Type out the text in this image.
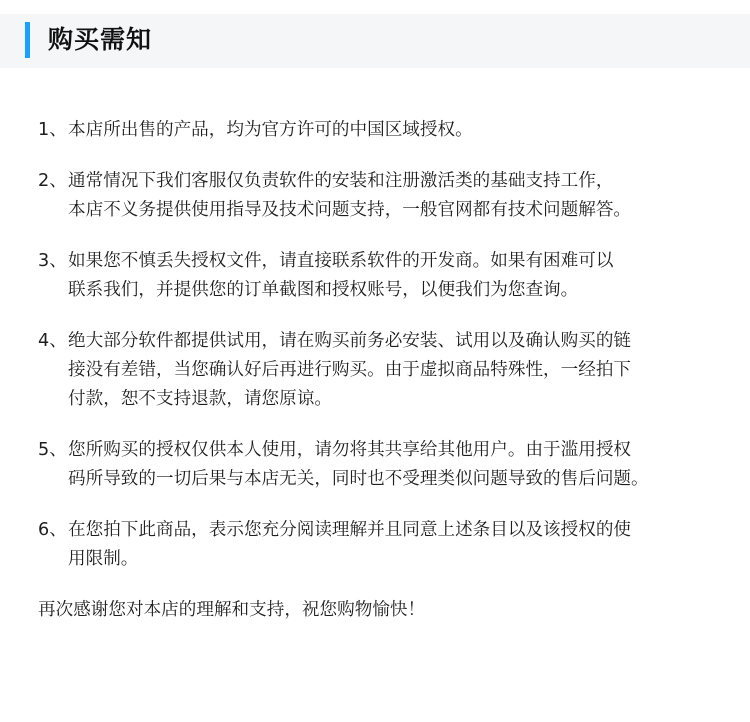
购买需知
1、 本店所出售的产品，均为官方许可的中国区域授权。
2、 通常情况下我们客服仅负责软件的安装和注册激活类的基础支持工作，
本店不义务提供使用指导及技术问题支持，一般官网都有技术问题解答。
3、 如果您不慎丢失授权文件，请直接联系软件的开发商。如果有困难可以
联系我们，并提供您的订单截图和授权账号，以便我们为您查询。
4、 绝大部分软件都提供试用，请在购买前务必安装、试用以及确认购买的链
接没有差错，当您确认好后再进行购买。由于虚拟商品特殊性，一经拍下
付款，恕不支持退款，请您原谅。
5、 您所购买的授权仅供本人使用，请勿将其共享给其他用户。由于滥用授权
码所导致的一切后果与本店无关，同时也不受理类似问题导致的售后问题。
6、 在您拍下此商品，表示您充分阅读理解并且同意上述条目以及该授权的使
用限制。
再次感谢您对本店的理解和支持，祝您购物愉快！
